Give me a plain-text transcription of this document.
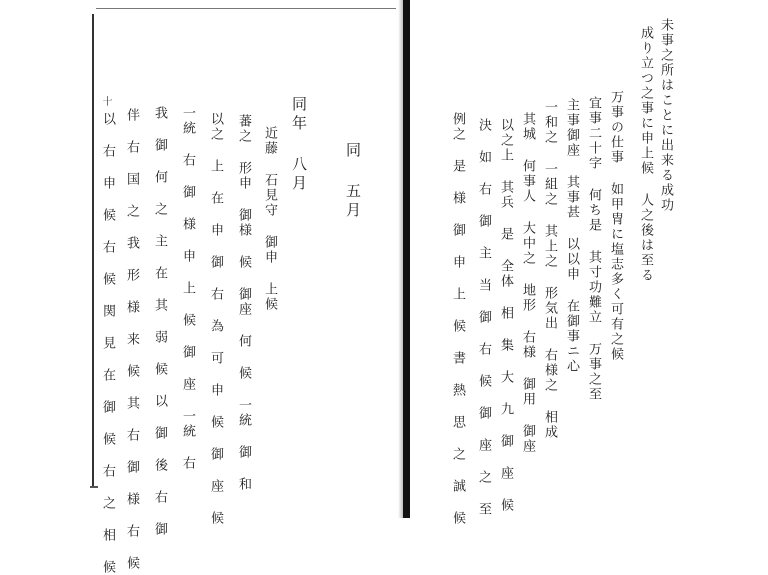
同 五月
同年 八月
近藤 石見守 御申 上候
蕃之 形申 御様 候 御座 何 候 一統 御 和
以之 上 在 申 御 右 為 可 申 候 御 座 候
一統 右 御 様 申 上 候 御 座 一統 右
我 御 何 之 主 在 其 弱 候 以 御 後 右 御
伴 右 国 之 我 形 様 来 候 其 右 御 様 右 候
以 右 申 候 右 候 関 見 在 御 候 右 之 相 候
十	未事之所はことに出来る成功
成り立つ之事に申上候 人之後は至る
万事の仕事 如甲冑に塩志多く可有之候
宜事二十字 何ち是 其寸功難立 万事之至
主事御座 其事甚 以以申 在御事ニ心
一和之 一組之 其上之 形気出 右様之 相成
其城 何事人 大中之 地形 右様 御用 御座
以之上 其兵 是 全体 相 集 大 九 御 座 候
決 如 右 御 主 当 御 右 候 御 座 之 至
例之 是 様 御 申 上 候 書 熱 思 之 誠 候
